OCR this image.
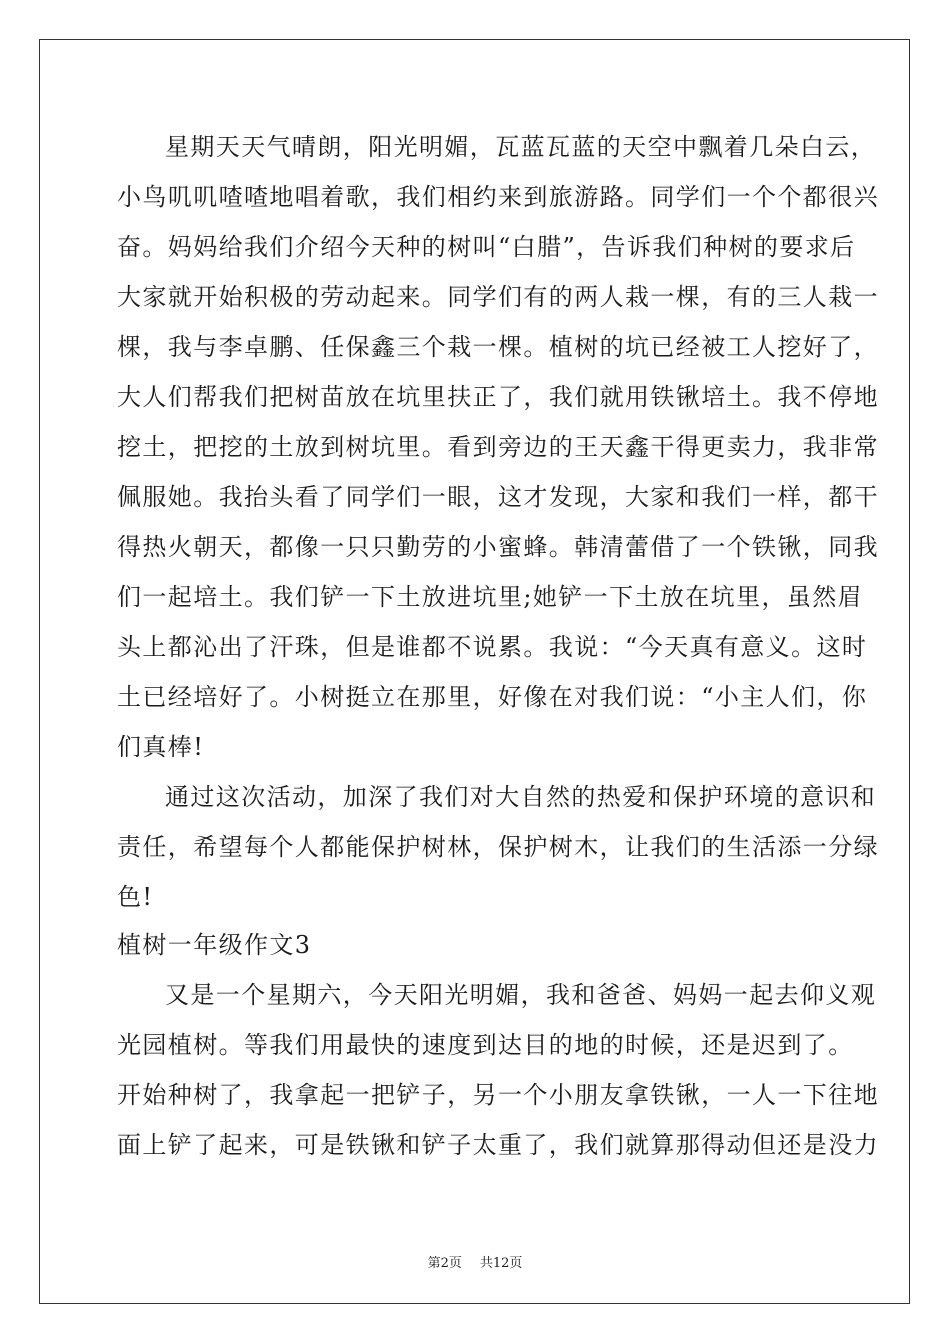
星期天天气晴朗，阳光明媚，瓦蓝瓦蓝的天空中飘着几朵白云，
小鸟叽叽喳喳地唱着歌，我们相约来到旅游路。同学们一个个都很兴
奋。妈妈给我们介绍今天种的树叫“白腊”，告诉我们种树的要求后
大家就开始积极的劳动起来。同学们有的两人栽一棵，有的三人栽一
棵，我与李卓鹏、任保鑫三个栽一棵。植树的坑已经被工人挖好了，
大人们帮我们把树苗放在坑里扶正了，我们就用铁锹培土。我不停地
挖土，把挖的土放到树坑里。看到旁边的王天鑫干得更卖力，我非常
佩服她。我抬头看了同学们一眼，这才发现，大家和我们一样，都干
得热火朝天，都像一只只勤劳的小蜜蜂。韩清蕾借了一个铁锹，同我
们一起培土。我们铲一下土放进坑里;她铲一下土放在坑里，虽然眉
头上都沁出了汗珠，但是谁都不说累。我说：“今天真有意义。这时
土已经培好了。小树挺立在那里，好像在对我们说：“小主人们，你
们真棒!
通过这次活动，加深了我们对大自然的热爱和保护环境的意识和
责任，希望每个人都能保护树林，保护树木，让我们的生活添一分绿
色!
植树一年级作文3
又是一个星期六，今天阳光明媚，我和爸爸、妈妈一起去仰义观
光园植树。等我们用最快的速度到达目的地的时候，还是迟到了。
开始种树了，我拿起一把铲子，另一个小朋友拿铁锹，一人一下往地
面上铲了起来，可是铁锹和铲子太重了，我们就算那得动但还是没力
第2页 共12页
